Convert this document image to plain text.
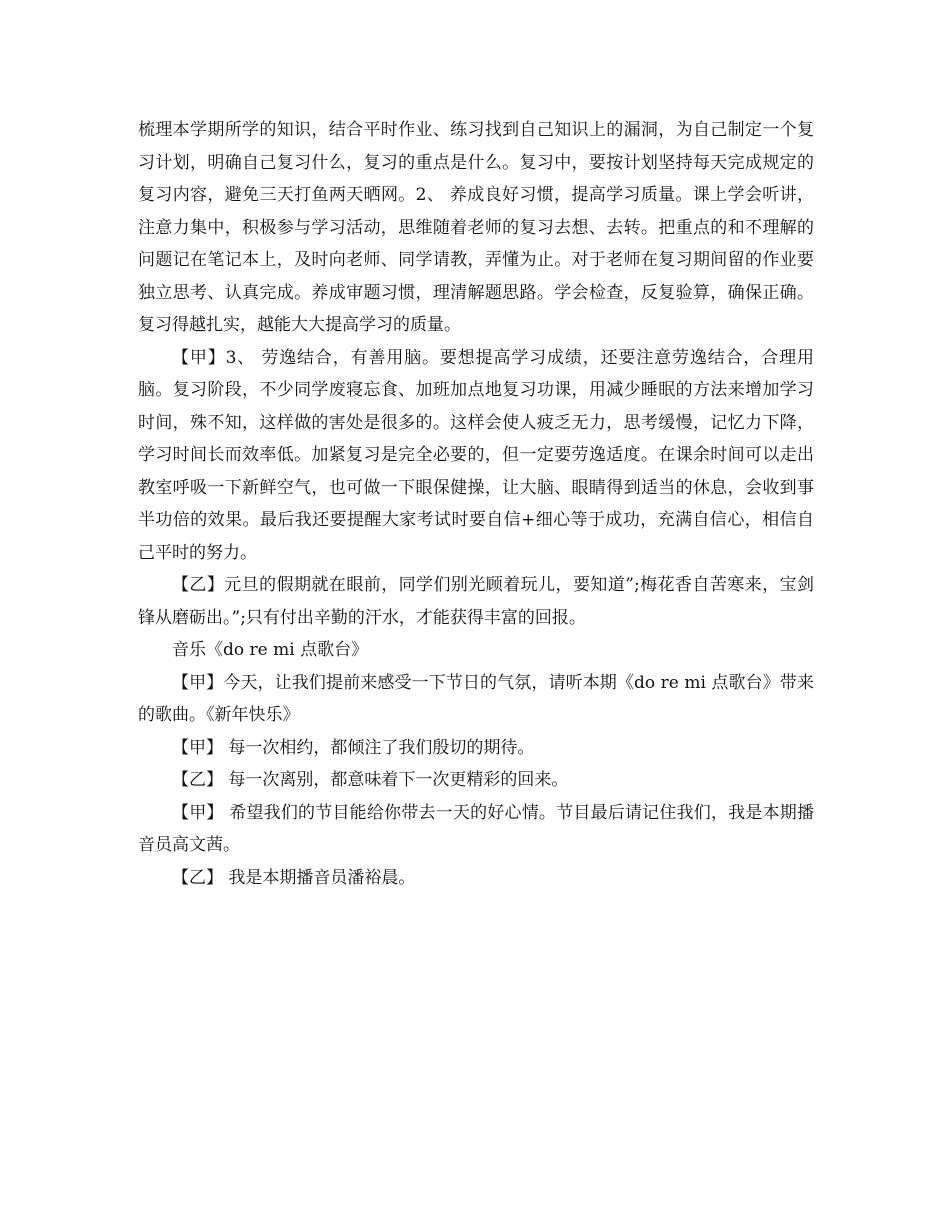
梳理本学期所学的知识，结合平时作业、练习找到自己知识上的漏洞，为自己制定一个复习计划，明确自己复习什么，复习的重点是什么。复习中，要按计划坚持每天完成规定的复习内容，避免三天打鱼两天晒网。2、 养成良好习惯，提高学习质量。课上学会听讲，注意力集中，积极参与学习活动，思维随着老师的复习去想、去转。把重点的和不理解的问题记在笔记本上，及时向老师、同学请教，弄懂为止。对于老师在复习期间留的作业要独立思考、认真完成。养成审题习惯，理清解题思路。学会检查，反复验算，确保正确。复习得越扎实，越能大大提高学习的质量。

【甲】3、 劳逸结合，有善用脑。要想提高学习成绩，还要注意劳逸结合，合理用脑。复习阶段，不少同学废寝忘食、加班加点地复习功课，用减少睡眠的方法来增加学习时间，殊不知，这样做的害处是很多的。这样会使人疲乏无力，思考缓慢，记忆力下降，学习时间长而效率低。加紧复习是完全必要的，但一定要劳逸适度。在课余时间可以走出教室呼吸一下新鲜空气，也可做一下眼保健操，让大脑、眼睛得到适当的休息，会收到事半功倍的效果。最后我还要提醒大家考试时要自信+细心等于成功，充满自信心，相信自己平时的努力。

【乙】元旦的假期就在眼前，同学们别光顾着玩儿，要知道”;梅花香自苦寒来，宝剑锋从磨砺出。”;只有付出辛勤的汗水，才能获得丰富的回报。

音乐《do re mi 点歌台》

【甲】今天，让我们提前来感受一下节日的气氛，请听本期《do re mi 点歌台》带来的歌曲。《新年快乐》

【甲】 每一次相约，都倾注了我们殷切的期待。

【乙】 每一次离别，都意味着下一次更精彩的回来。

【甲】 希望我们的节目能给你带去一天的好心情。节目最后请记住我们，我是本期播音员高文茜。

【乙】 我是本期播音员潘裕晨。
